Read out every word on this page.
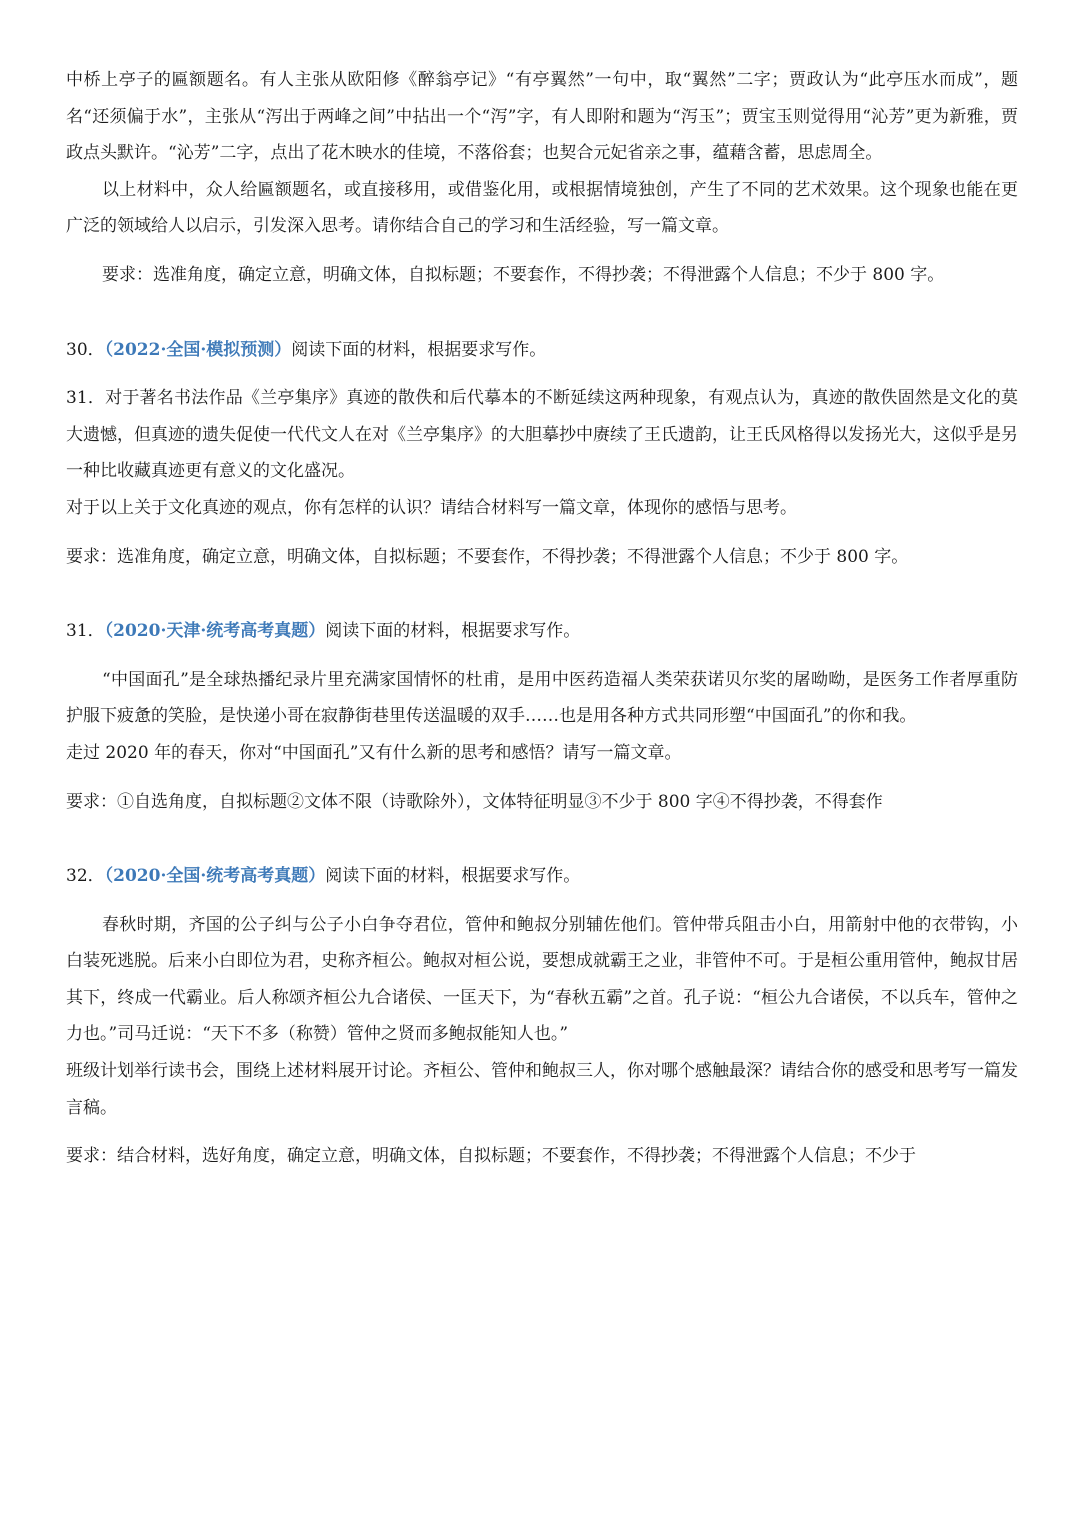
中桥上亭子的匾额题名。有人主张从欧阳修《醉翁亭记》“有亭翼然”一句中，取“翼然”二字；贾政认为“此亭压水而成”，题名“还须偏于水”，主张从“泻出于两峰之间”中拈出一个“泻”字，有人即附和题为“泻玉”；贾宝玉则觉得用“沁芳”更为新雅，贾政点头默许。“沁芳”二字，点出了花木映水的佳境，不落俗套；也契合元妃省亲之事，蕴藉含蓄，思虑周全。

以上材料中，众人给匾额题名，或直接移用，或借鉴化用，或根据情境独创，产生了不同的艺术效果。这个现象也能在更广泛的领域给人以启示，引发深入思考。请你结合自己的学习和生活经验，写一篇文章。

要求：选准角度，确定立意，明确文体，自拟标题；不要套作，不得抄袭；不得泄露个人信息；不少于 800 字。

30．（2022·全国·模拟预测）阅读下面的材料，根据要求写作。

31．对于著名书法作品《兰亭集序》真迹的散佚和后代摹本的不断延续这两种现象，有观点认为，真迹的散佚固然是文化的莫大遗憾，但真迹的遗失促使一代代文人在对《兰亭集序》的大胆摹抄中赓续了王氏遗韵，让王氏风格得以发扬光大，这似乎是另一种比收藏真迹更有意义的文化盛况。

对于以上关于文化真迹的观点，你有怎样的认识？请结合材料写一篇文章，体现你的感悟与思考。

要求：选准角度，确定立意，明确文体，自拟标题；不要套作，不得抄袭；不得泄露个人信息；不少于 800 字。

31．（2020·天津·统考高考真题）阅读下面的材料，根据要求写作。

“中国面孔”是全球热播纪录片里充满家国情怀的杜甫，是用中医药造福人类荣获诺贝尔奖的屠呦呦，是医务工作者厚重防护服下疲惫的笑脸，是快递小哥在寂静街巷里传送温暖的双手……也是用各种方式共同形塑“中国面孔”的你和我。

走过 2020 年的春天，你对“中国面孔”又有什么新的思考和感悟？请写一篇文章。

要求：①自选角度，自拟标题②文体不限（诗歌除外），文体特征明显③不少于 800 字④不得抄袭，不得套作

32．（2020·全国·统考高考真题）阅读下面的材料，根据要求写作。

春秋时期，齐国的公子纠与公子小白争夺君位，管仲和鲍叔分别辅佐他们。管仲带兵阻击小白，用箭射中他的衣带钩，小白装死逃脱。后来小白即位为君，史称齐桓公。鲍叔对桓公说，要想成就霸王之业，非管仲不可。于是桓公重用管仲，鲍叔甘居其下，终成一代霸业。后人称颂齐桓公九合诸侯、一匡天下，为“春秋五霸”之首。孔子说：“桓公九合诸侯，不以兵车，管仲之力也。”司马迁说：“天下不多（称赞）管仲之贤而多鲍叔能知人也。”

班级计划举行读书会，围绕上述材料展开讨论。齐桓公、管仲和鲍叔三人，你对哪个感触最深？请结合你的感受和思考写一篇发言稿。

要求：结合材料，选好角度，确定立意，明确文体，自拟标题；不要套作，不得抄袭；不得泄露个人信息；不少于
